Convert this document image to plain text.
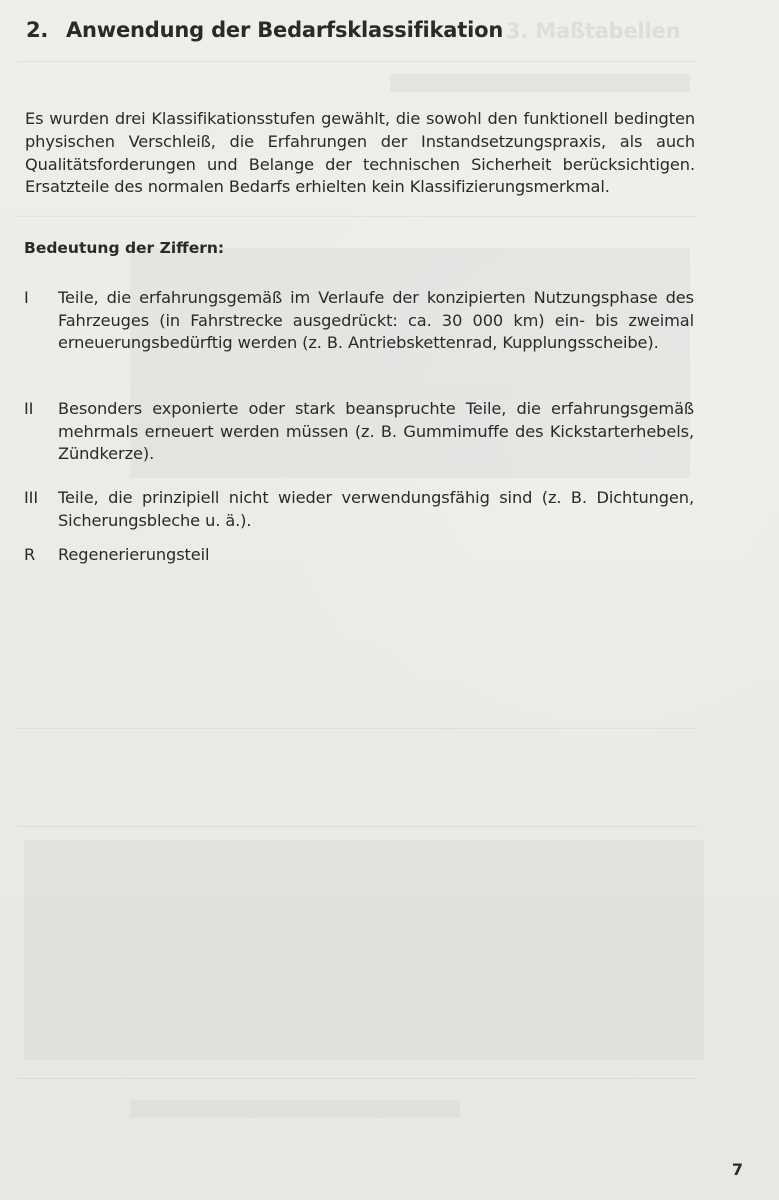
2. Anwendung der Bedarfsklassifikation 3. Maßtabellen

Es wurden drei Klassifikationsstufen gewählt, die sowohl den funktionell bedingten physischen Verschleiß, die Erfahrungen der Instandsetzungspraxis, als auch Qualitätsforderungen und Belange der technischen Sicherheit berücksichtigen. Ersatzteile des normalen Bedarfs erhielten kein Klassifizierungsmerkmal.

Bedeutung der Ziffern:
I	Teile, die erfahrungsgemäß im Verlaufe der konzipierten Nutzungsphase des Fahrzeuges (in Fahrstrecke ausgedrückt: ca. 30 000 km) ein- bis zweimal erneuerungsbedürftig werden (z. B. Antriebskettenrad, Kupplungsscheibe).
II	Besonders exponierte oder stark beanspruchte Teile, die erfahrungsgemäß mehrmals erneuert werden müssen (z. B. Gummimuffe des Kickstarterhebels, Zündkerze).
III	Teile, die prinzipiell nicht wieder verwendungsfähig sind (z. B. Dichtungen, Sicherungsbleche u. ä.).
R	Regenerierungsteil
7
